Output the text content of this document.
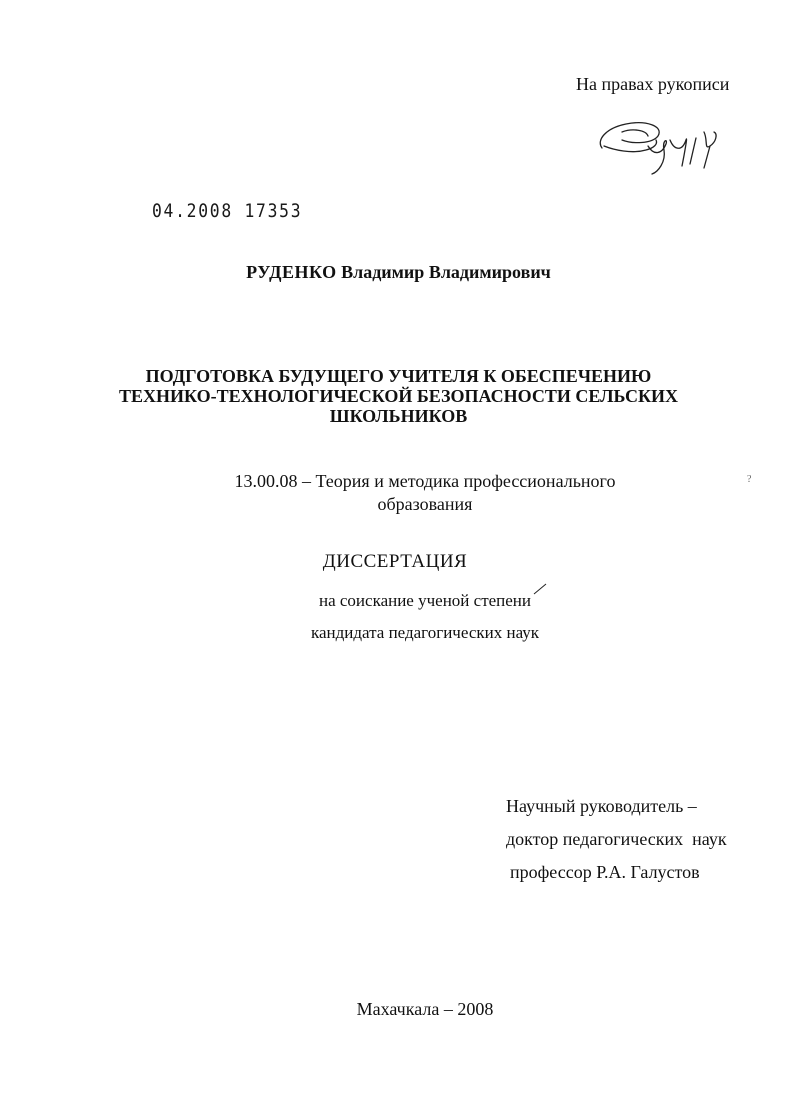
На правах рукописи
04.2008 17353
РУДЕНКО Владимир Владимирович
ПОДГОТОВКА БУДУЩЕГО УЧИТЕЛЯ К ОБЕСПЕЧЕНИЮ
ТЕХНИКО-ТЕХНОЛОГИЧЕСКОЙ БЕЗОПАСНОСТИ СЕЛЬСКИХ
ШКОЛЬНИКОВ
13.00.08 – Теория и методика профессионального
образования
?
ДИССЕРТАЦИЯ
на соискание ученой степени
кандидата педагогических наук
Научный руководитель –
доктор педагогических  наук
профессор Р.А. Галустов
Махачкала – 2008
